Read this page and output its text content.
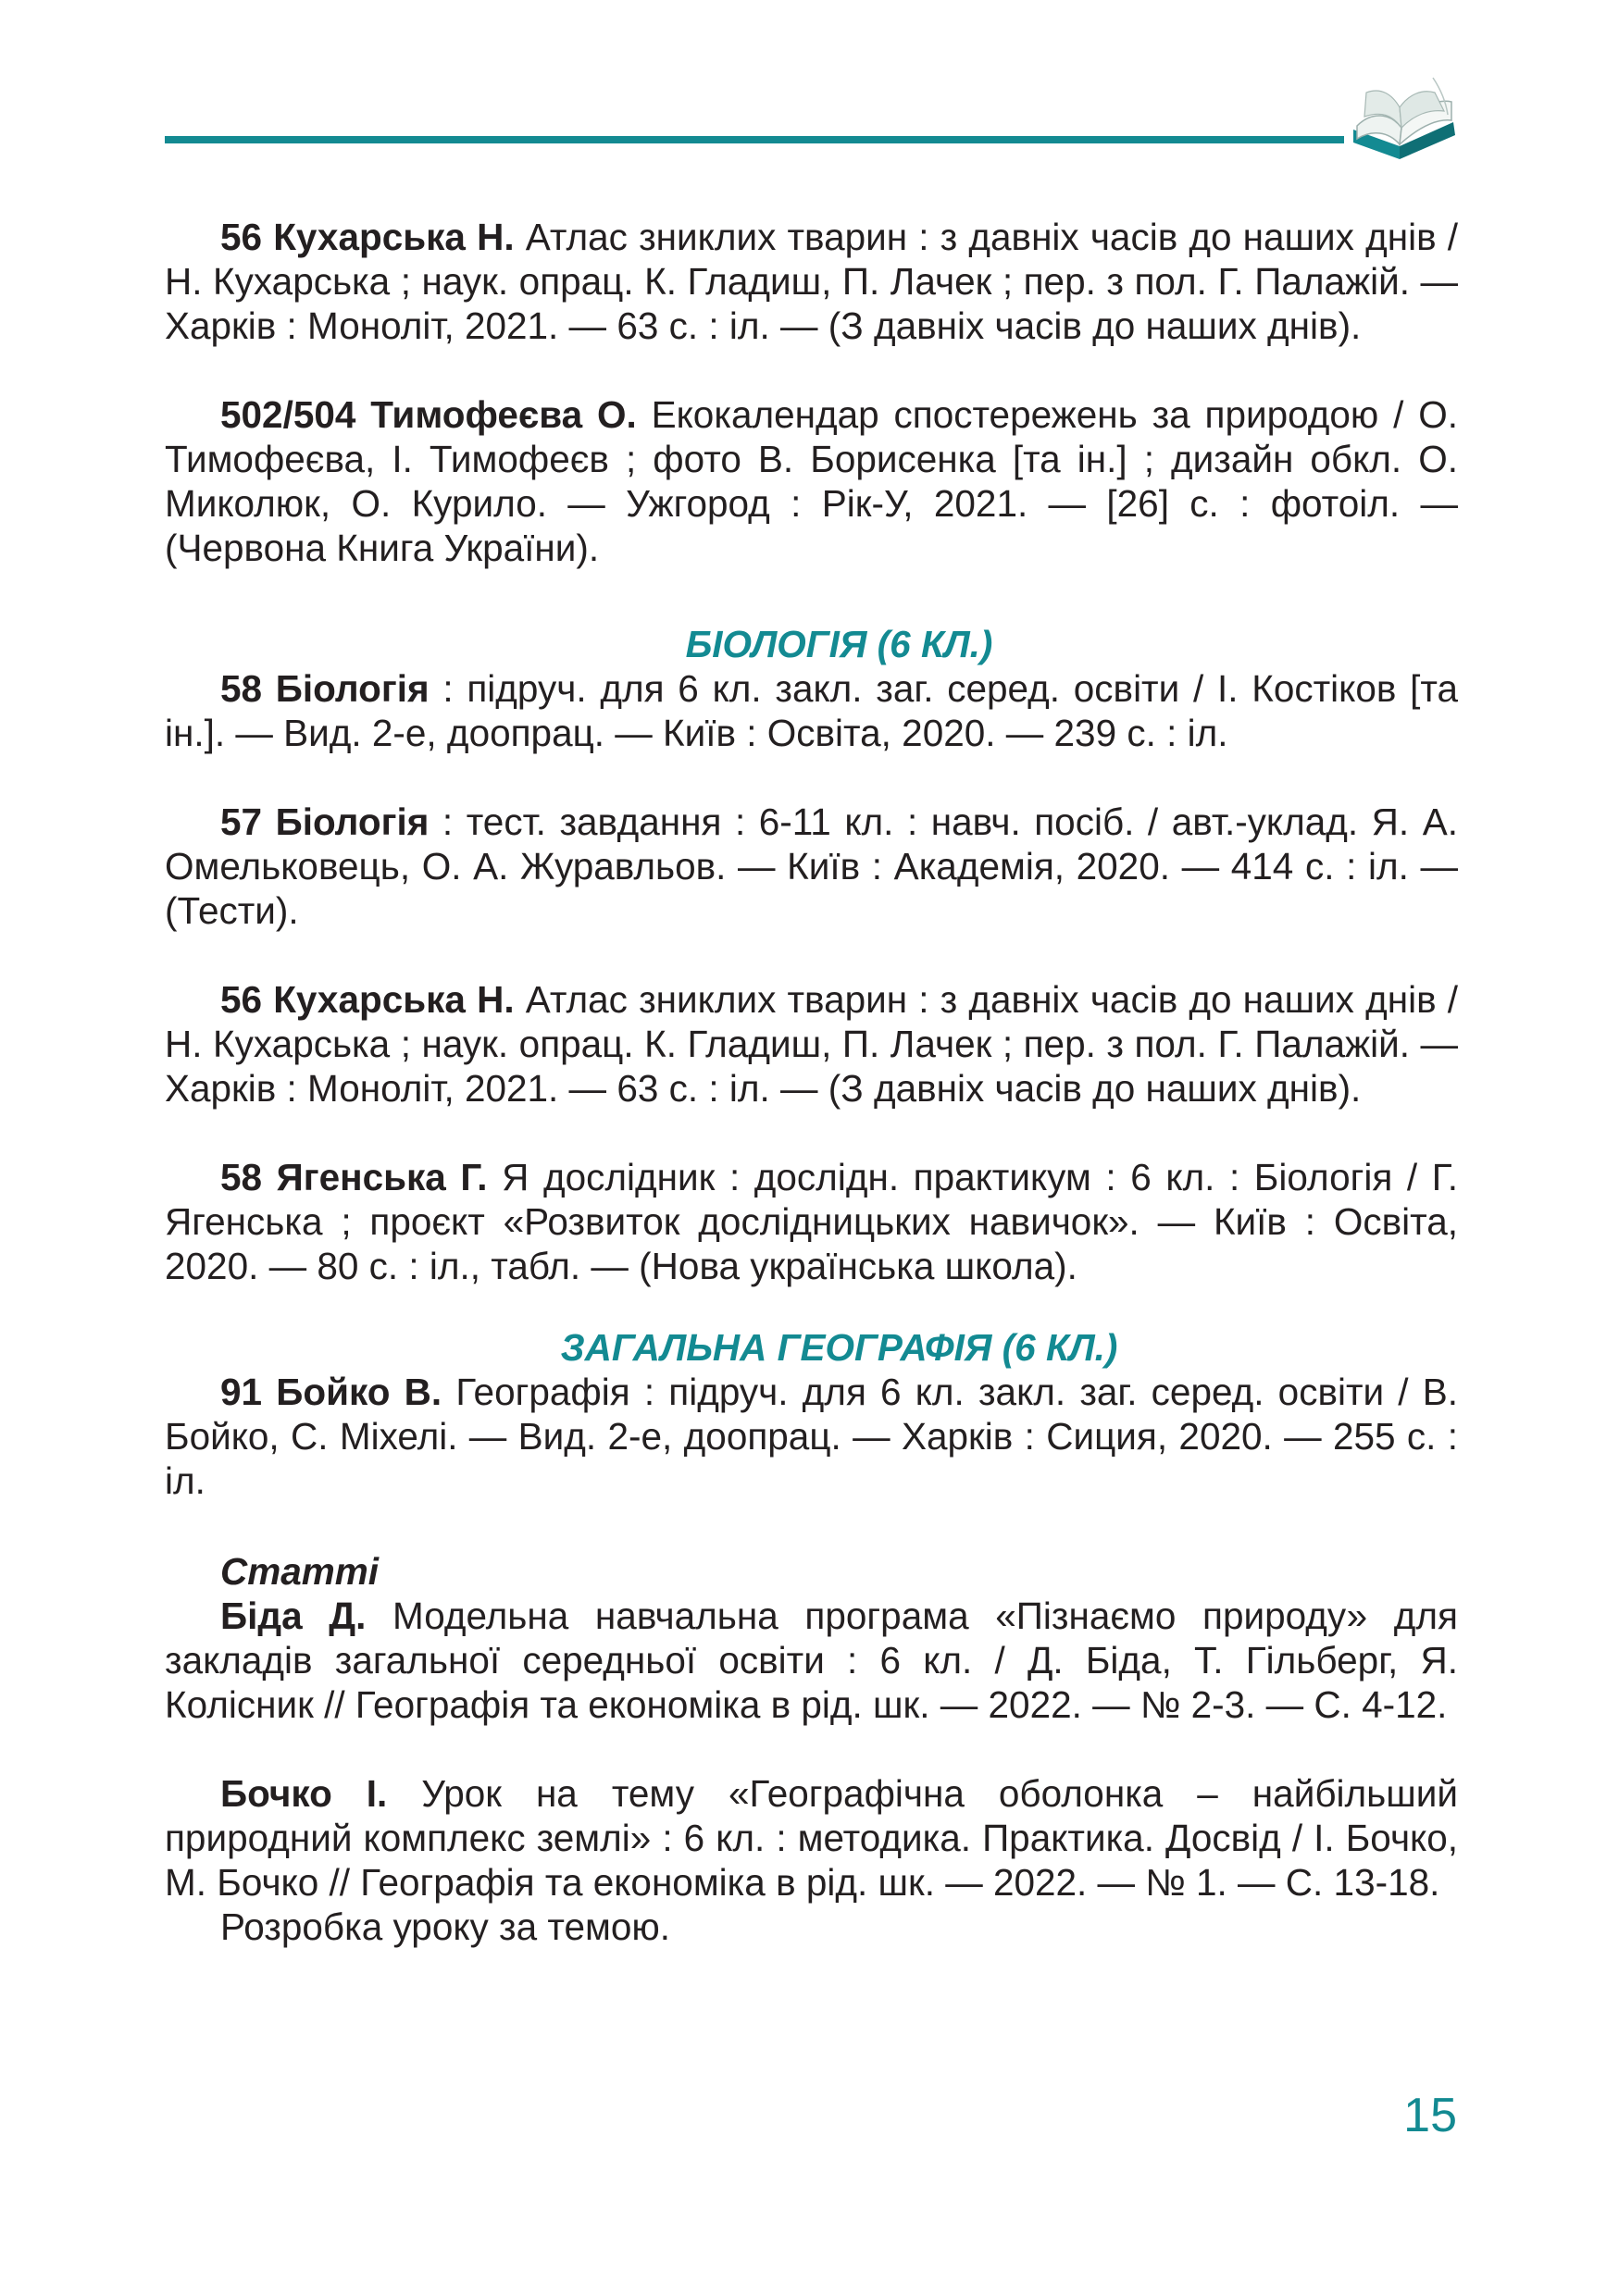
56 Кухарська Н. Атлас зниклих тварин : з давніх часів до наших днів / Н. Кухарська ; наук. опрац. К. Гладиш, П. Лачек ; пер. з пол. Г. Палажій. — Харків : Моноліт, 2021. — 63 с. : іл. — (З давніх часів до наших днів).

502/504 Тимофеєва О. Екокалендар спостережень за природою / О. Тимофеєва, І. Тимофеєв ; фото В. Борисенка [та ін.] ; дизайн обкл. О. Миколюк, О. Курило. — Ужгород : Рік-У, 2021. — [26] с. : фотоіл. — (Червона Книга України).

БІОЛОГІЯ (6 КЛ.)

58 Біологія : підруч. для 6 кл. закл. заг. серед. освіти / І. Костіков [та ін.]. — Вид. 2-е, доопрац. — Київ : Освіта, 2020. — 239 с. : іл.

57 Біологія : тест. завдання : 6-11 кл. : навч. посіб. / авт.-уклад. Я. А. Омельковець, О. А. Журавльов. — Київ : Академія, 2020. — 414 с. : іл. — (Тести).

56 Кухарська Н. Атлас зниклих тварин : з давніх часів до наших днів / Н. Кухарська ; наук. опрац. К. Гладиш, П. Лачек ; пер. з пол. Г. Палажій. — Харків : Моноліт, 2021. — 63 с. : іл. — (З давніх часів до наших днів).

58 Ягенська Г. Я дослідник : дослідн. практикум : 6 кл. : Біологія / Г. Ягенська ; проєкт «Розвиток дослідницьких навичок». — Київ : Освіта, 2020. — 80 с. : іл., табл. — (Нова українська школа).

ЗАГАЛЬНА ГЕОГРАФІЯ (6 КЛ.)

91 Бойко В. Географія : підруч. для 6 кл. закл. заг. серед. освіти / В. Бойко, С. Міхелі. — Вид. 2-е, доопрац. — Харків : Сиция, 2020. — 255 с. : іл.

Статті

Біда Д. Модельна навчальна програма «Пізнаємо природу» для закладів загальної середньої освіти : 6 кл. / Д. Біда, Т. Гільберг, Я. Колісник // Географія та економіка в рід. шк. — 2022. — № 2-3. — С. 4-12.

Бочко І. Урок на тему «Географічна оболонка – найбільший природний комплекс землі» : 6 кл. : методика. Практика. Досвід / І. Бочко, М. Бочко // Географія та економіка в рід. шк. — 2022. — № 1. — С. 13-18.

Розробка уроку за темою.

15
